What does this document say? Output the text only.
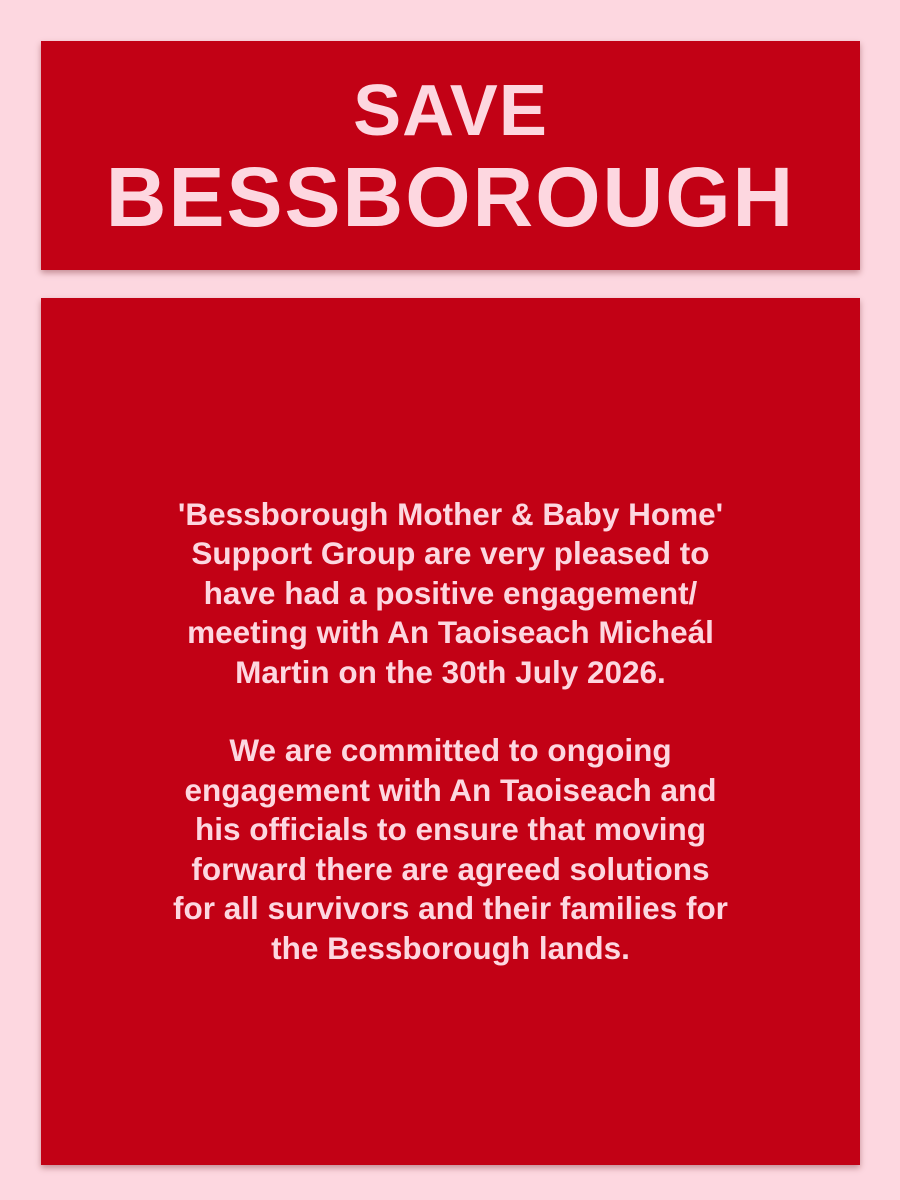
SAVE
BESSBOROUGH

'Bessborough Mother & Baby Home'
Support Group are very pleased to
have had a positive engagement/
meeting with An Taoiseach Micheál
Martin on the 30th July 2026.

We are committed to ongoing
engagement with An Taoiseach and
his officials to ensure that moving
forward there are agreed solutions
for all survivors and their families for
the Bessborough lands.
